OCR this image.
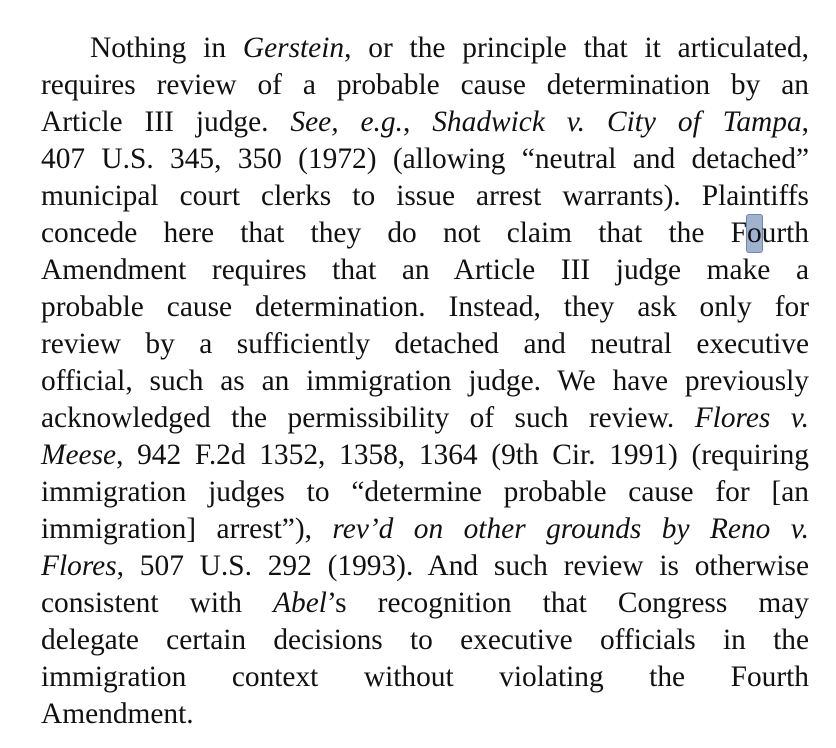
Nothing in Gerstein, or the principle that it articulated,
requires review of a probable cause determination by an
Article III judge. See, e.g., Shadwick v. City of Tampa,
407 U.S. 345, 350 (1972) (allowing “neutral and detached”
municipal court clerks to issue arrest warrants). Plaintiffs
concede here that they do not claim that the Fourth
Amendment requires that an Article III judge make a
probable cause determination. Instead, they ask only for
review by a sufficiently detached and neutral executive
official, such as an immigration judge. We have previously
acknowledged the permissibility of such review. Flores v.
Meese, 942 F.2d 1352, 1358, 1364 (9th Cir. 1991) (requiring
immigration judges to “determine probable cause for [an
immigration] arrest”), rev’d on other grounds by Reno v.
Flores, 507 U.S. 292 (1993). And such review is otherwise
consistent with Abel’s recognition that Congress may
delegate certain decisions to executive officials in the
immigration context without violating the Fourth
Amendment.
